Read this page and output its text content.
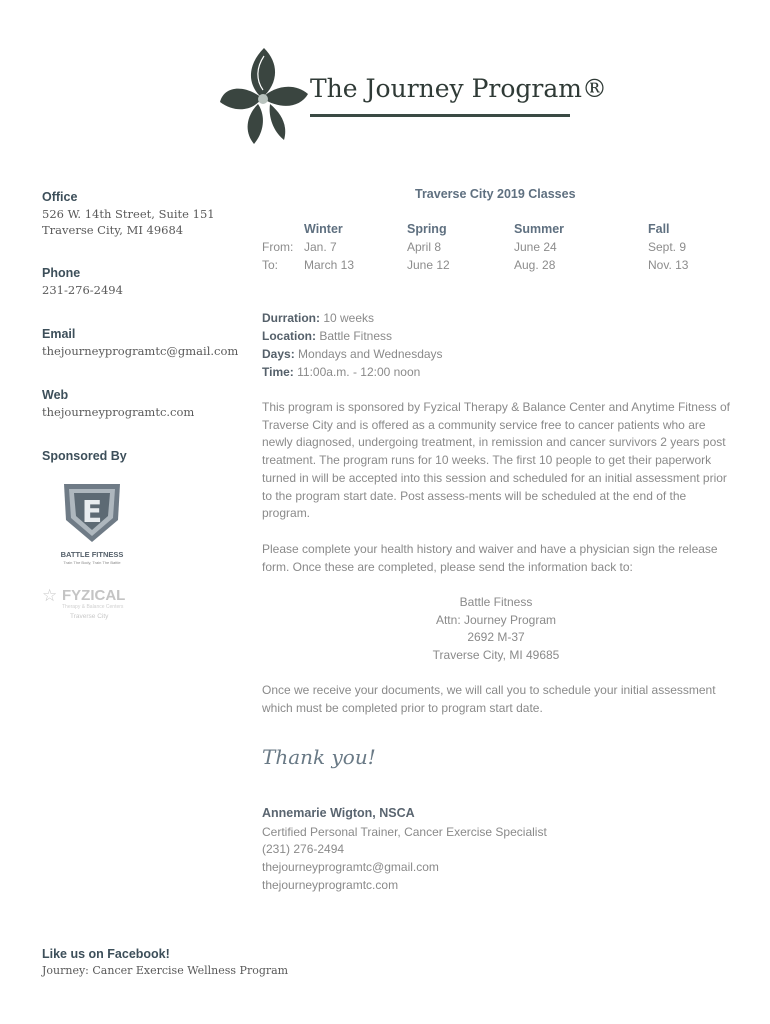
The Journey Program®
Office
526 W. 14th Street, Suite 151
Traverse City, MI 49684
Phone
231-276-2494
Email
thejourneyprogramtc@gmail.com
Web
thejourneyprogramtc.com
Sponsored By
E
BATTLE FITNESS
Train The Body, Train The Battle
☆ FYZICAL
Therapy & Balance Centers
Traverse City
Traverse City 2019 Classes
From:
To:
Winter
Jan. 7
March 13
Spring
April 8
June 12
Summer
June 24
Aug. 28
Fall
Sept. 9
Nov. 13
Durration: 10 weeks
Location: Battle Fitness
Days: Mondays and Wednesdays
Time: 11:00a.m. - 12:00 noon
This program is sponsored by Fyzical Therapy & Balance Center and Anytime Fitness of Traverse City and is offered as a community service free to cancer patients who are newly diagnosed, undergoing treatment, in remission and cancer survivors 2 years post treatment. The program runs for 10 weeks. The first 10 people to get their paperwork turned in will be accepted into this session and scheduled for an initial assessment prior to the program start date. Post assess-ments will be scheduled at the end of the program.
Please complete your health history and waiver and have a physician sign the release form. Once these are completed, please send the information back to:
Battle Fitness
Attn: Journey Program
2692 M-37
Traverse City, MI 49685
Once we receive your documents, we will call you to schedule your initial assessment which must be completed prior to program start date.
Thank you!
Annemarie Wigton, NSCA
Certified Personal Trainer, Cancer Exercise Specialist
(231) 276-2494
thejourneyprogramtc@gmail.com
thejourneyprogramtc.com
Like us on Facebook!
Journey: Cancer Exercise Wellness Program
